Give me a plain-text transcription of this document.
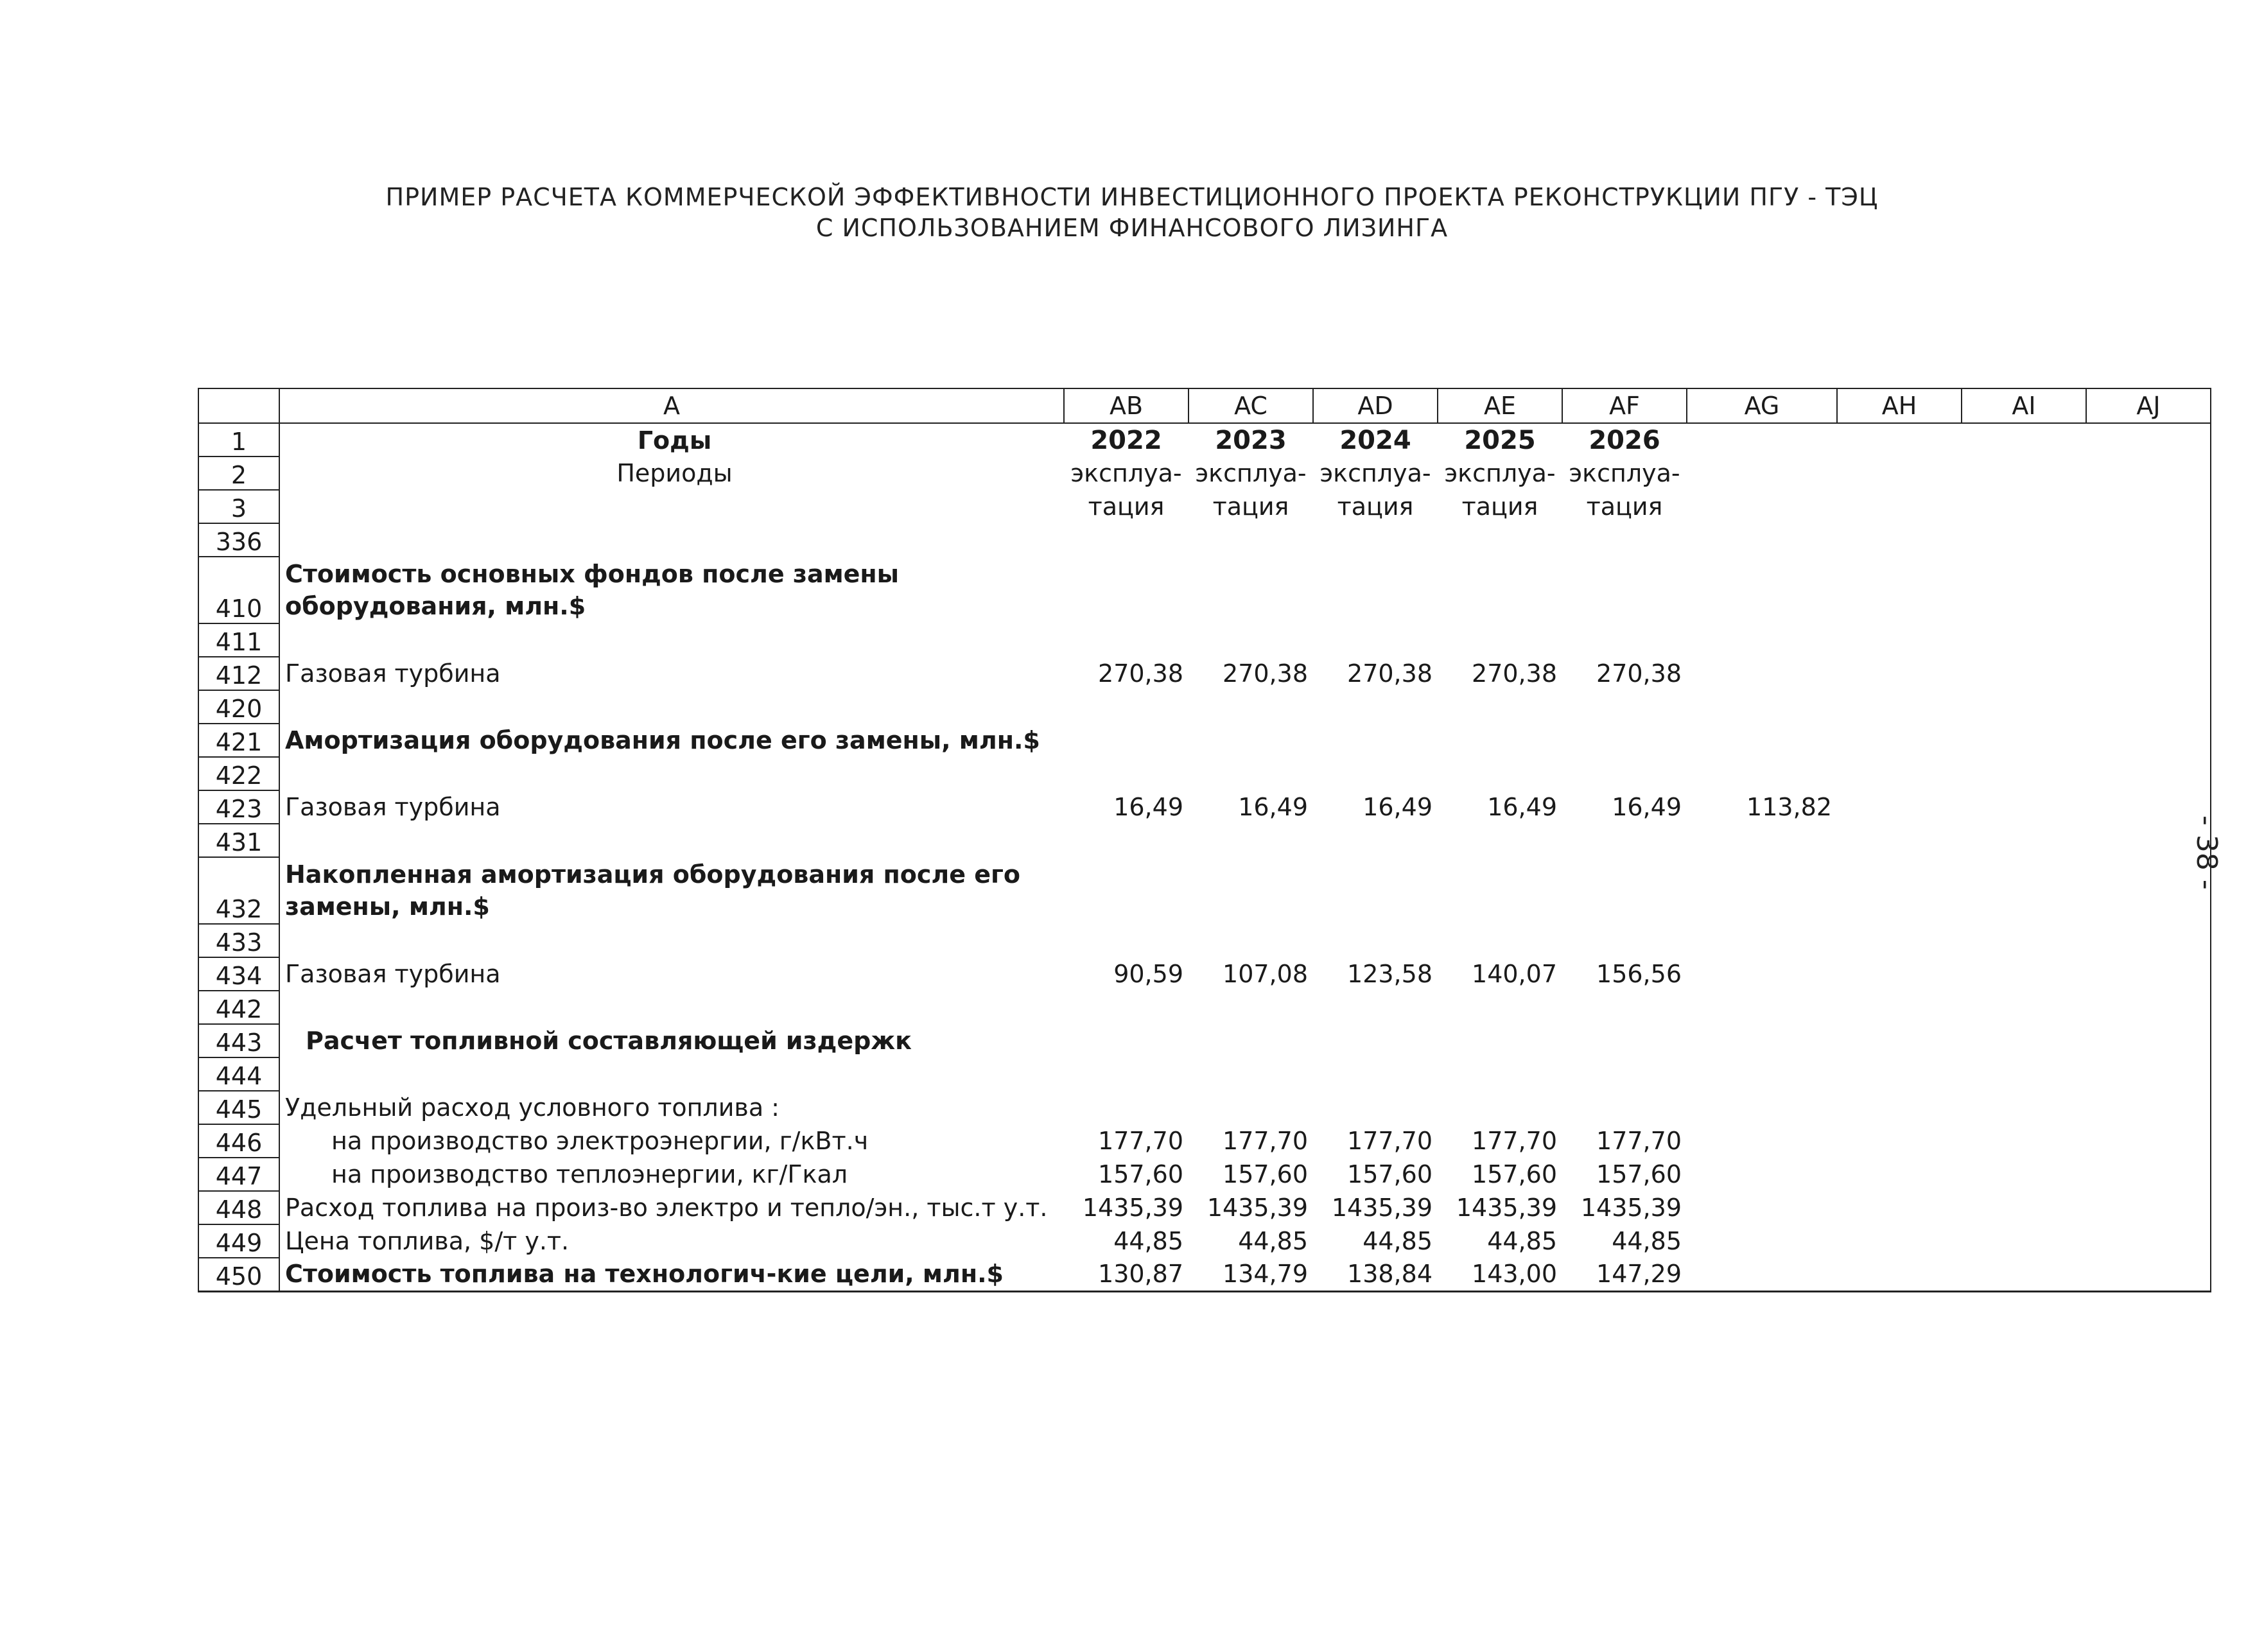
ПРИМЕР РАСЧЕТА КОММЕРЧЕСКОЙ ЭФФЕКТИВНОСТИ ИНВЕСТИЦИОННОГО ПРОЕКТА РЕКОНСТРУКЦИИ ПГУ - ТЭЦ
С ИСПОЛЬЗОВАНИЕМ ФИНАНСОВОГО ЛИЗИНГА
- 38 -
	A	AB	AC	AD	AE	AF	AG	AH	AI	AJ
1	Годы	2022	2023	2024	2025	2026				
2	Периоды	эксплуа-	эксплуа-	эксплуа-	эксплуа-	эксплуа-				
3		тация	тация	тация	тация	тация				
336										
410	Стоимость основных фондов после замены оборудования, млн.$									
411										
412	Газовая турбина	270,38	270,38	270,38	270,38	270,38				
420										
421	Амортизация оборудования после его замены, млн.$									
422										
423	Газовая турбина	16,49	16,49	16,49	16,49	16,49	113,82			
431										
432	Накопленная амортизация оборудования после его замены, млн.$									
433										
434	Газовая турбина	90,59	107,08	123,58	140,07	156,56				
442										
443	Расчет топливной составляющей издержк									
444										
445	Удельный расход условного топлива :									
446	на производство электроэнергии, г/кВт.ч	177,70	177,70	177,70	177,70	177,70				
447	на производство теплоэнергии, кг/Гкал	157,60	157,60	157,60	157,60	157,60				
448	Расход топлива на произ-во электро и тепло/эн., тыс.т у.т.	1435,39	1435,39	1435,39	1435,39	1435,39				
449	Цена топлива, $/т у.т.	44,85	44,85	44,85	44,85	44,85				
450	Стоимость топлива на технологич-кие цели, млн.$	130,87	134,79	138,84	143,00	147,29				
